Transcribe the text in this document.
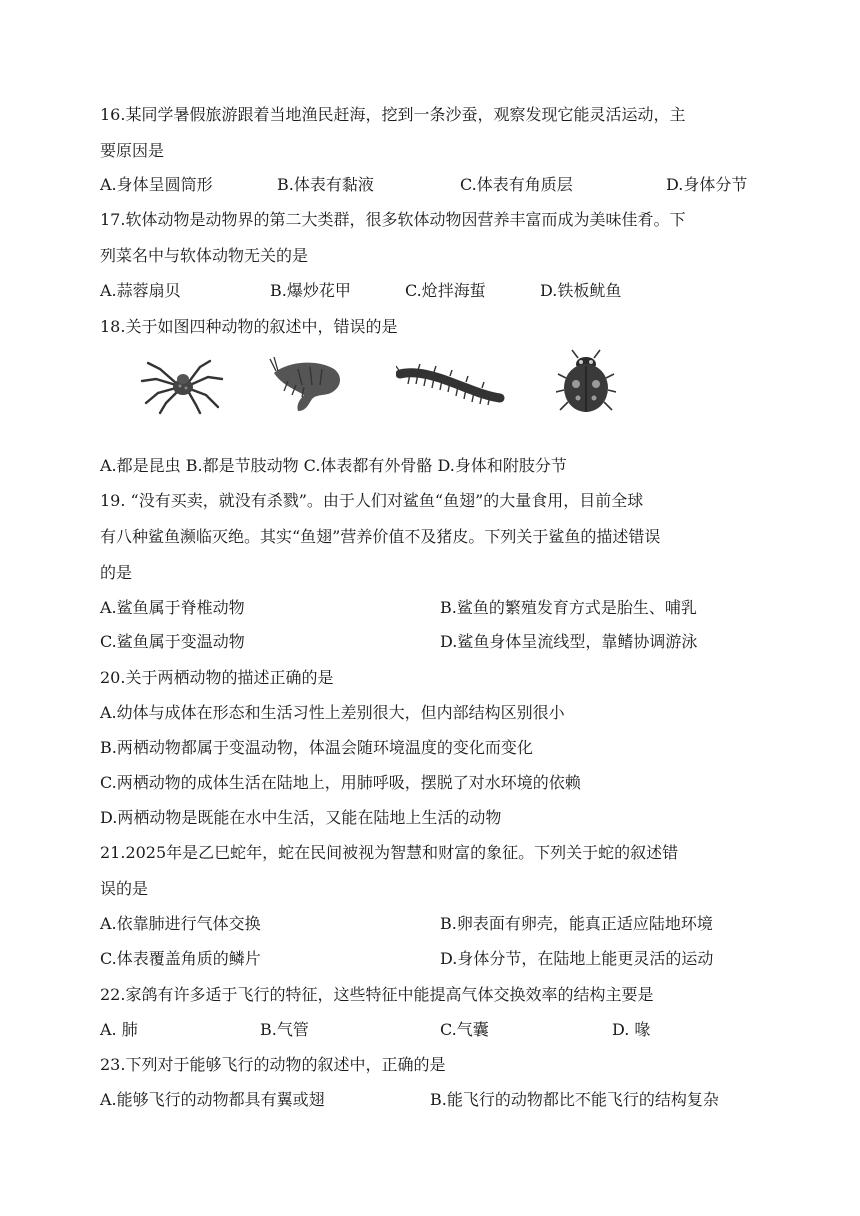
16.某同学暑假旅游跟着当地渔民赶海，挖到一条沙蚕，观察发现它能灵活运动，主
要原因是
A.身体呈圆筒形	B.体表有黏液	C.体表有角质层	D.身体分节
17.软体动物是动物界的第二大类群，很多软体动物因营养丰富而成为美味佳肴。下
列菜名中与软体动物无关的是
A.蒜蓉扇贝	B.爆炒花甲	C.炝拌海蜇	D.铁板鱿鱼
18.关于如图四种动物的叙述中，错误的是
A.都是昆虫 B.都是节肢动物 C.体表都有外骨骼 D.身体和附肢分节
19. “没有买卖，就没有杀戮”。由于人们对鲨鱼“鱼翅”的大量食用，目前全球
有八种鲨鱼濒临灭绝。其实“鱼翅”营养价值不及猪皮。下列关于鲨鱼的描述错误
的是
A.鲨鱼属于脊椎动物	B.鲨鱼的繁殖发育方式是胎生、哺乳
C.鲨鱼属于变温动物	D.鲨鱼身体呈流线型，靠鳍协调游泳
20.关于两栖动物的描述正确的是
A.幼体与成体在形态和生活习性上差别很大，但内部结构区别很小
B.两栖动物都属于变温动物，体温会随环境温度的变化而变化
C.两栖动物的成体生活在陆地上，用肺呼吸，摆脱了对水环境的依赖
D.两栖动物是既能在水中生活，又能在陆地上生活的动物
21.2025年是乙巳蛇年，蛇在民间被视为智慧和财富的象征。下列关于蛇的叙述错
误的是
A.依靠肺进行气体交换	B.卵表面有卵壳，能真正适应陆地环境
C.体表覆盖角质的鳞片	D.身体分节，在陆地上能更灵活的运动
22.家鸽有许多适于飞行的特征，这些特征中能提高气体交换效率的结构主要是
A. 肺	B.气管	C.气囊	D. 喙
23.下列对于能够飞行的动物的叙述中，正确的是
A.能够飞行的动物都具有翼或翅	B.能飞行的动物都比不能飞行的结构复杂
